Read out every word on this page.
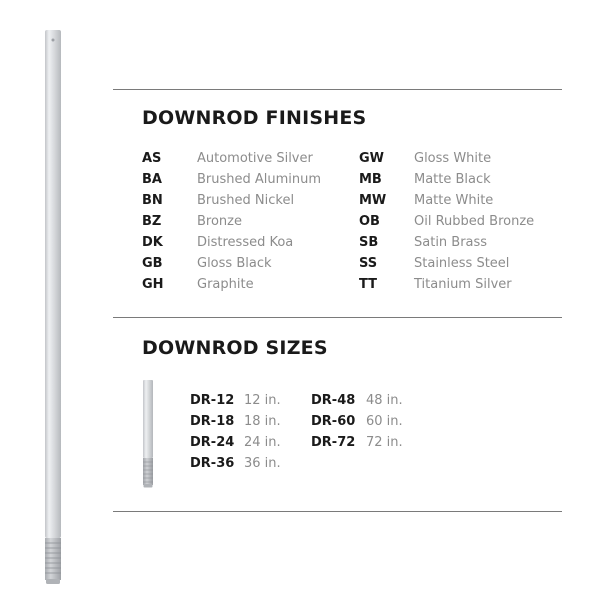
DOWNROD FINISHES
AS	Automotive Silver
BA	Brushed Aluminum
BN	Brushed Nickel
BZ	Bronze
DK	Distressed Koa
GB	Gloss Black
GH	Graphite
GW Gloss White
MB Matte Black
MW Matte White
OB	Oil Rubbed Bronze
SB	Satin Brass
SS	Stainless Steel
TT	Titanium Silver
DOWNROD SIZES
DR-12 12 in.
DR-18 18 in.
DR-24 24 in.
DR-36 36 in.
DR-48 48 in.
DR-60 60 in.
DR-72 72 in.
